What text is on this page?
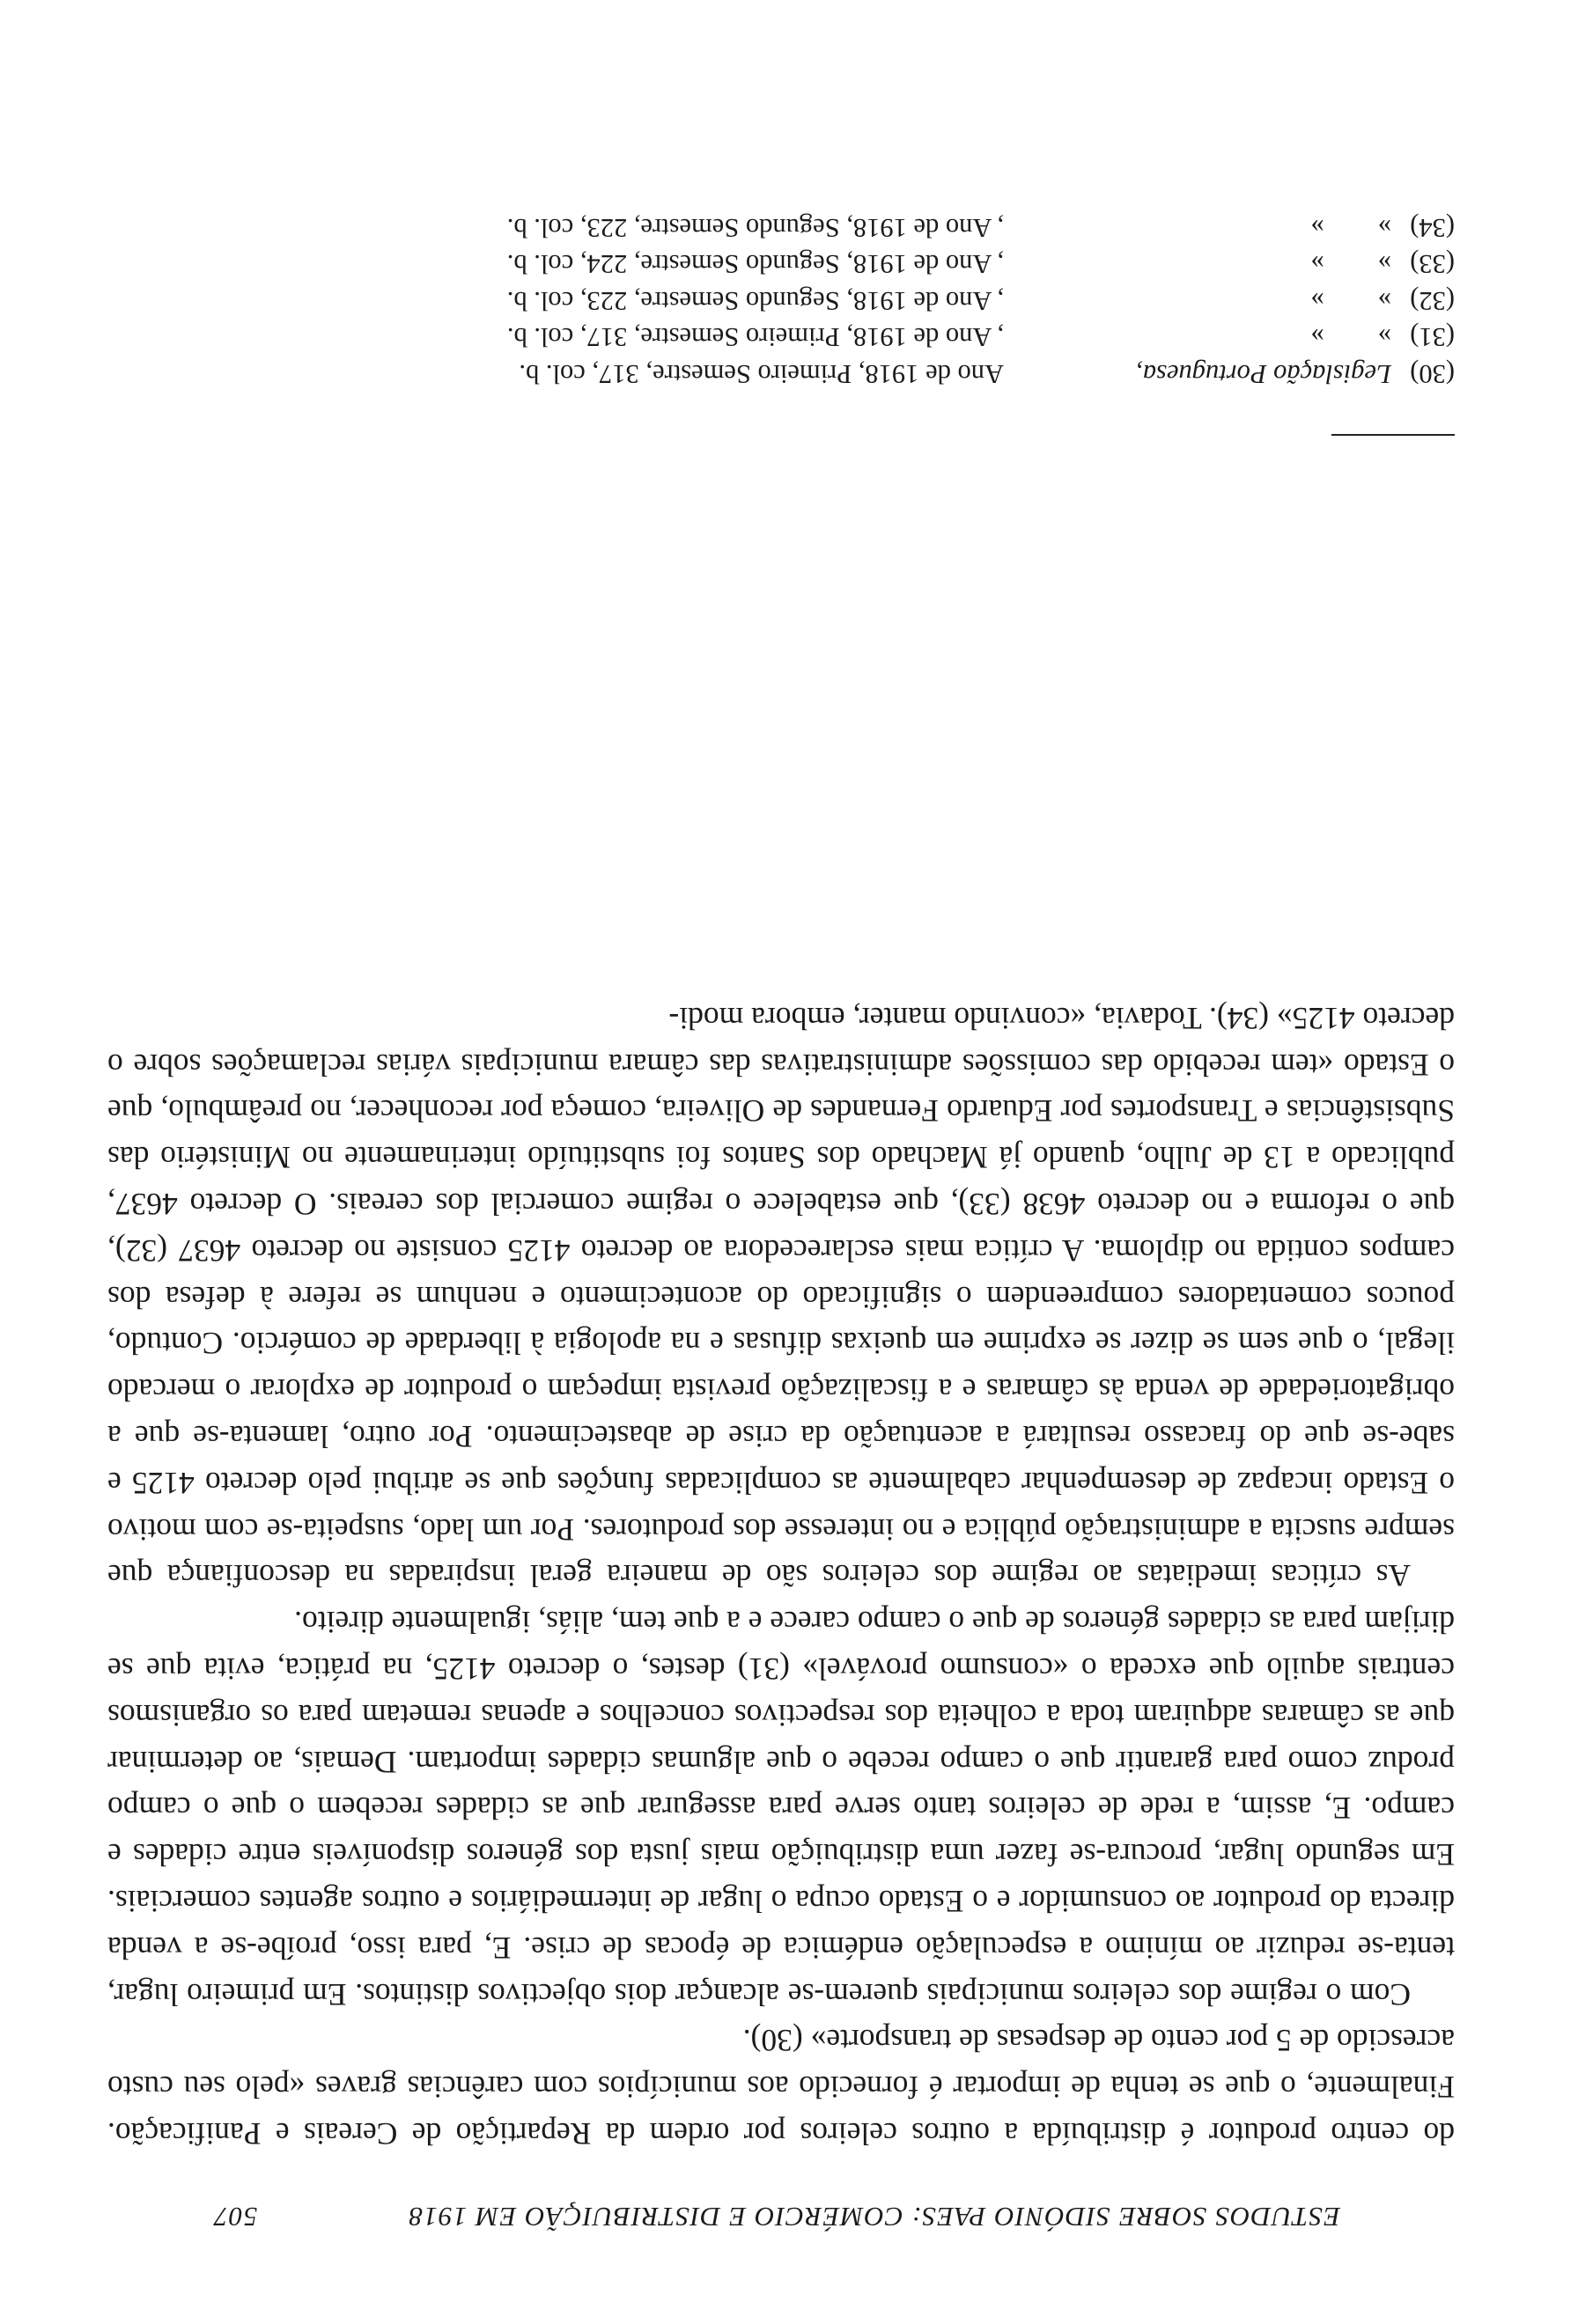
ESTUDOS SOBRE SIDÓNIO PAES: COMÉRCIO E DISTRIBUIÇÃO EM 1918
507

do centro produtor é distribuída a outros celeiros por ordem da Repartição de Cereais e Panificação. Finalmente, o que se tenha de importar é fornecido aos municípios com carências graves «pelo seu custo acrescido de 5 por cento de despesas de transporte» (30).

Com o regime dos celeiros municipais querem-se alcançar dois objectivos distintos. Em primeiro lugar, tenta-se reduzir ao mínimo a especulação endémica de épocas de crise. E, para isso, proíbe-se a venda directa do produtor ao consumidor e o Estado ocupa o lugar de intermediários e outros agentes comerciais. Em segundo lugar, procura-se fazer uma distribuição mais justa dos géneros disponíveis entre cidades e campo. E, assim, a rede de celeiros tanto serve para assegurar que as cidades recebem o que o campo produz como para garantir que o campo recebe o que algumas cidades importam. Demais, ao determinar que as câmaras adquiram toda a colheita dos respectivos concelhos e apenas remetam para os organismos centrais aquilo que exceda o «consumo provável» (31) destes, o decreto 4125, na prática, evita que se dirijam para as cidades géneros de que o campo carece e a que tem, aliás, igualmente direito.

As críticas imediatas ao regime dos celeiros são de maneira geral inspiradas na desconfiança que sempre suscita a administração pública e no interesse dos produtores. Por um lado, suspeita-se com motivo o Estado incapaz de desempenhar cabalmente as complicadas funções que se atribui pelo decreto 4125 e sabe-se que do fracasso resultará a acentuação da crise de abastecimento. Por outro, lamenta-se que a obrigatoriedade de venda às câmaras e a fiscalização prevista impeçam o produtor de explorar o mercado ilegal, o que sem se dizer se exprime em queixas difusas e na apologia à liberdade de comércio. Contudo, poucos comentadores compreendem o significado do acontecimento e nenhum se refere à defesa dos campos contida no diploma. A crítica mais esclarecedora ao decreto 4125 consiste no decreto 4637 (32), que o reforma e no decreto 4638 (33), que estabelece o regime comercial dos cereais. O decreto 4637, publicado a 13 de Julho, quando já Machado dos Santos foi substituído interinamente no Ministério das Subsistências e Transportes por Eduardo Fernandes de Oliveira, começa por reconhecer, no preâmbulo, que o Estado «tem recebido das comissões administrativas das câmara municipais várias reclamações sobre o decreto 4125» (34). Todavia, «convindo manter, embora modi-

(30)
Legislação Portuguesa,
Ano de 1918, Primeiro Semestre, 317, col. b.
(31)
»        »
, Ano de 1918, Primeiro Semestre, 317, col. b.
(32)
»        »
, Ano de 1918, Segundo Semestre, 223, col. b.
(33)
»        »
, Ano de 1918, Segundo Semestre, 224, col. b.
(34)
»        »
, Ano de 1918, Segundo Semestre, 223, col. b.
